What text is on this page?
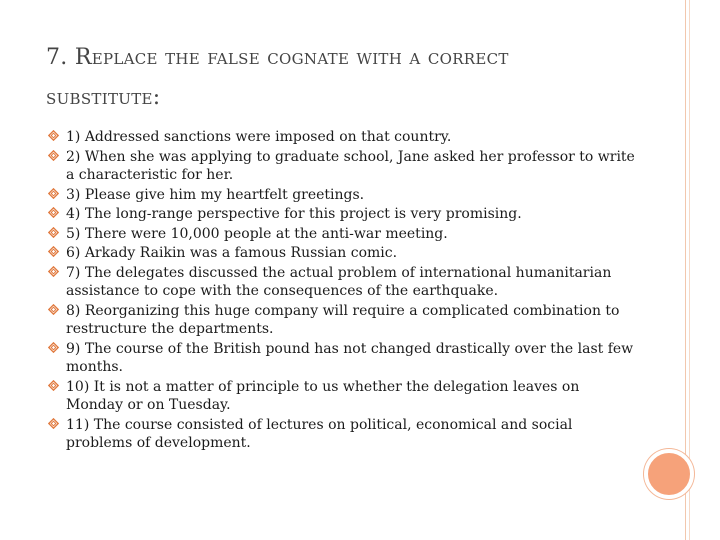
7. Replace the false cognate with a correct substitute:
1) Addressed sanctions were imposed on that country.
2) When she was applying to graduate school, Jane asked her professor to write a characteristic for her.
3) Please give him my heartfelt greetings.
4) The long-range perspective for this project is very promising.
5) There were 10,000 people at the anti-war meeting.
6) Arkady Raikin was a famous Russian comic.
7) The delegates discussed the actual problem of international humanitarian assistance to cope with the consequences of the earthquake.
8) Reorganizing this huge company will require a complicated combination to restructure the departments.
9) The course of the British pound has not changed drastically over the last few months.
10) It is not a matter of principle to us whether the delegation leaves on Monday or on Tuesday.
11) The course consisted of lectures on political, economical and social problems of development.
